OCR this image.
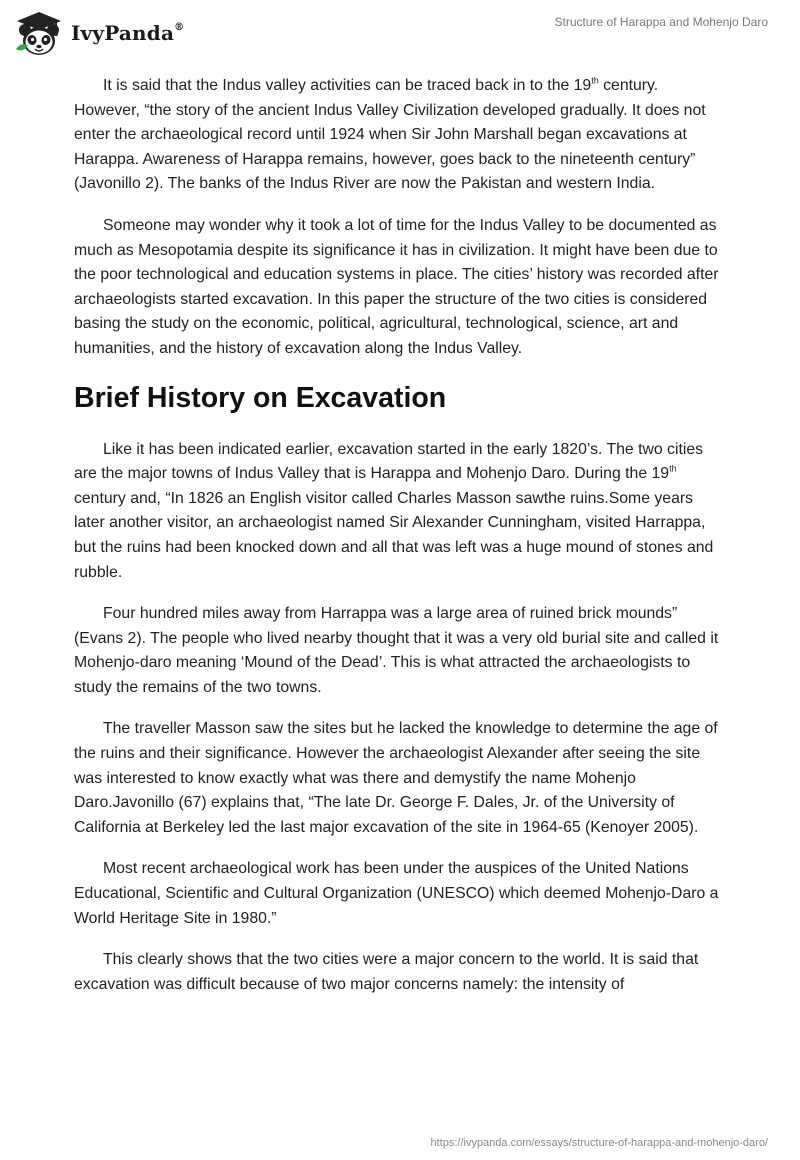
IvyPanda®	Structure of Harappa and Mohenjo Daro

It is said that the Indus valley activities can be traced back in to the 19th century. However, “the story of the ancient Indus Valley Civilization developed gradually. It does not enter the archaeological record until 1924 when Sir John Marshall began excavations at Harappa. Awareness of Harappa remains, however, goes back to the nineteenth century” (Javonillo 2). The banks of the Indus River are now the Pakistan and western India.

Someone may wonder why it took a lot of time for the Indus Valley to be documented as much as Mesopotamia despite its significance it has in civilization. It might have been due to the poor technological and education systems in place. The cities’ history was recorded after archaeologists started excavation. In this paper the structure of the two cities is considered basing the study on the economic, political, agricultural, technological, science, art and humanities, and the history of excavation along the Indus Valley.

Brief History on Excavation

Like it has been indicated earlier, excavation started in the early 1820’s. The two cities are the major towns of Indus Valley that is Harappa and Mohenjo Daro. During the 19th century and, “In 1826 an English visitor called Charles Masson sawthe ruins.Some years later another visitor, an archaeologist named Sir Alexander Cunningham, visited Harrappa, but the ruins had been knocked down and all that was left was a huge mound of stones and rubble.

Four hundred miles away from Harrappa was a large area of ruined brick mounds” (Evans 2). The people who lived nearby thought that it was a very old burial site and called it Mohenjo-daro meaning ‘Mound of the Dead’. This is what attracted the archaeologists to study the remains of the two towns.

The traveller Masson saw the sites but he lacked the knowledge to determine the age of the ruins and their significance. However the archaeologist Alexander after seeing the site was interested to know exactly what was there and demystify the name Mohenjo Daro.Javonillo (67) explains that, “The late Dr. George F. Dales, Jr. of the University of California at Berkeley led the last major excavation of the site in 1964-65 (Kenoyer 2005).

Most recent archaeological work has been under the auspices of the United Nations Educational, Scientific and Cultural Organization (UNESCO) which deemed Mohenjo-Daro a World Heritage Site in 1980.”

This clearly shows that the two cities were a major concern to the world. It is said that excavation was difficult because of two major concerns namely: the intensity of

https://ivypanda.com/essays/structure-of-harappa-and-mohenjo-daro/
